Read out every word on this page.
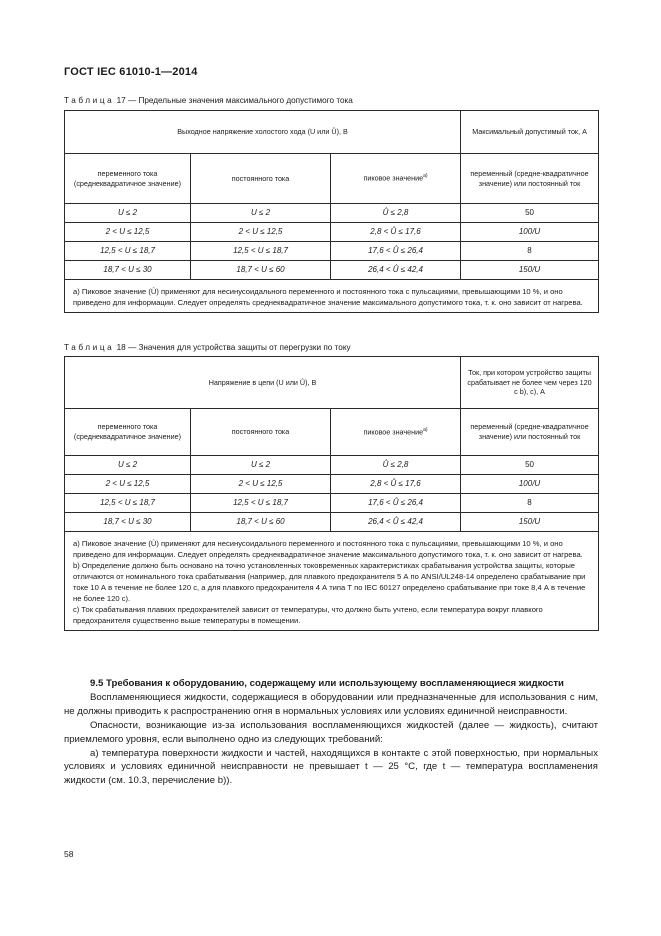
ГОСТ IEC 61010-1—2014
Таблица 17 — Предельные значения максимального допустимого тока
Выходное напряжение холостого хода (U или Û), В			Максимальный допустимый ток, А
переменного тока (среднеквадратичное значение)	постоянного тока	пиковое значение$^{a)}$	переменный (средне-квадратичное значение) или постоянный ток
U ≤ 2	U ≤ 2	Û ≤ 2,8	50
2 < U ≤ 12,5	2 < U ≤ 12,5	2,8 < Û ≤ 17,6	100/U
12,5 < U ≤ 18,7	12,5 < U ≤ 18,7	17,6 < Û ≤ 26,4	8
18,7 < U ≤ 30	18,7 < U ≤ 60	26,4 < Û ≤ 42,4	150/U
a) Пиковое значение (Û) применяют для несинусоидального переменного и постоянного тока с пульсациями, превышающими 10 %, и оно приведено для информации. Следует определять среднеквадратичное значение максимального допустимого тока, т. к. оно зависит от нагрева.			
Таблица 18 — Значения для устройства защиты от перегрузки по току
Напряжение в цепи (U или Û), В			Ток, при котором устройство защиты срабатывает не более чем через 120 с b), c), А
переменного тока (среднеквадратичное значение)	постоянного тока	пиковое значение$^{a)}$	переменный (средне-квадратичное значение) или постоянный ток
U ≤ 2	U ≤ 2	Û ≤ 2,8	50
2 < U ≤ 12,5	2 < U ≤ 12,5	2,8 < Û ≤ 17,6	100/U
12,5 < U ≤ 18,7	12,5 < U ≤ 18,7	17,6 < Û ≤ 26,4	8
18,7 < U ≤ 30	18,7 < U ≤ 60	26,4 < Û ≤ 42,4	150/U

a) Пиковое значение (Û) применяют для несинусоидального переменного и постоянного тока с пульсациями, превышающими 10 %, и оно приведено для информации. Следует определять среднеквадратичное значение максимального допустимого тока, т. к. оно зависит от нагрева.
b) Определение должно быть основано на точно установленных токовременных характеристиках срабатывания устройства защиты, которые отличаются от номинального тока срабатывания (например, для плавкого предохранителя 5 А по ANSI/UL248-14 определено срабатывание при токе 10 А в течение не более 120 с, а для плавкого предохранителя 4 А типа Т по IEC 60127 определено срабатывание при токе 8,4 А в течение не более 120 с).
c) Ток срабатывания плавких предохранителей зависит от температуры, что должно быть учтено, если температура вокруг плавкого предохранителя существенно выше температуры в помещении.			

9.5 Требования к оборудованию, содержащему или использующему воспламеняющиеся жидкости

Воспламеняющиеся жидкости, содержащиеся в оборудовании или предназначенные для использования с ним, не должны приводить к распространению огня в нормальных условиях или условиях единичной неисправности.

Опасности, возникающие из-за использования воспламеняющихся жидкостей (далее — жидкость), считают приемлемого уровня, если выполнено одно из следующих требований:

а) температура поверхности жидкости и частей, находящихся в контакте с этой поверхностью, при нормальных условиях и условиях единичной неисправности не превышает t — 25 °С, где t — температура воспламенения жидкости (см. 10.3, перечисление b)).

58
